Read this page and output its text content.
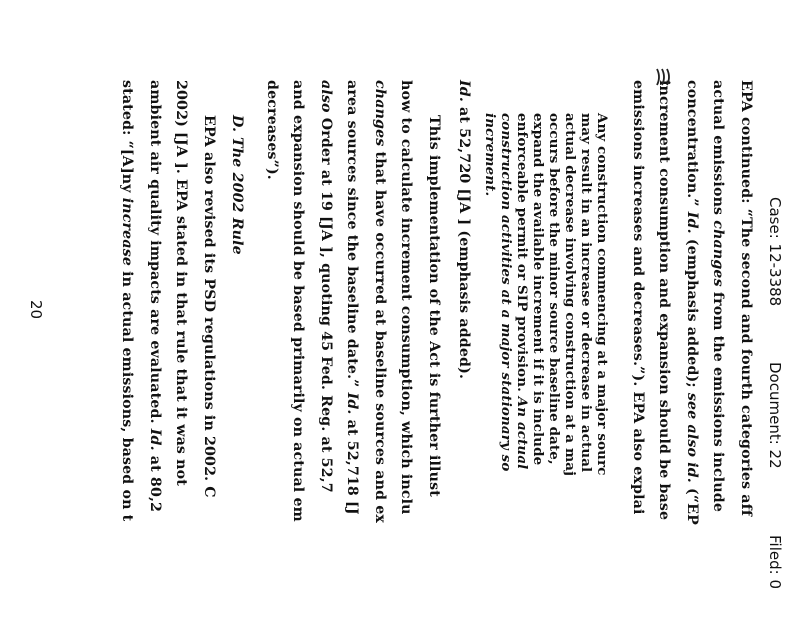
Case: 12-3388
Document: 22
Filed: 0
EPA continued: “The second and fourth categories aff
actual emissions changes from the emissions include
concentration.” Id. (emphasis added); see also id. (“EP
increment consumption and expansion should be base
emissions increases and decreases.”). EPA also explai
Any construction commencing at a major sourc
may result in an increase or decrease in actual
actual decrease involving construction at a maj
occurs before the minor source baseline date,
expand the available increment if it is include
enforceable permit or SIP provision. An actual
construction activities at a major stationary so
increment.
Id. at 52,720 [JA ] (emphasis added).
This implementation of the Act is further illust
how to calculate increment consumption, which inclu
changes that have occurred at baseline sources and ex
area sources since the baseline date.” Id. at 52,718 [J
also Order at 19 [JA ], quoting 45 Fed. Reg. at 52,7
and expansion should be based primarily on actual em
decreases”).
D. The 2002 Rule
EPA also revised its PSD regulations in 2002. C
2002) [JA ]. EPA stated in that rule that it was not
ambient air quality impacts are evaluated. Id. at 80,2
stated: “[A]ny increase in actual emissions, based on t
20
